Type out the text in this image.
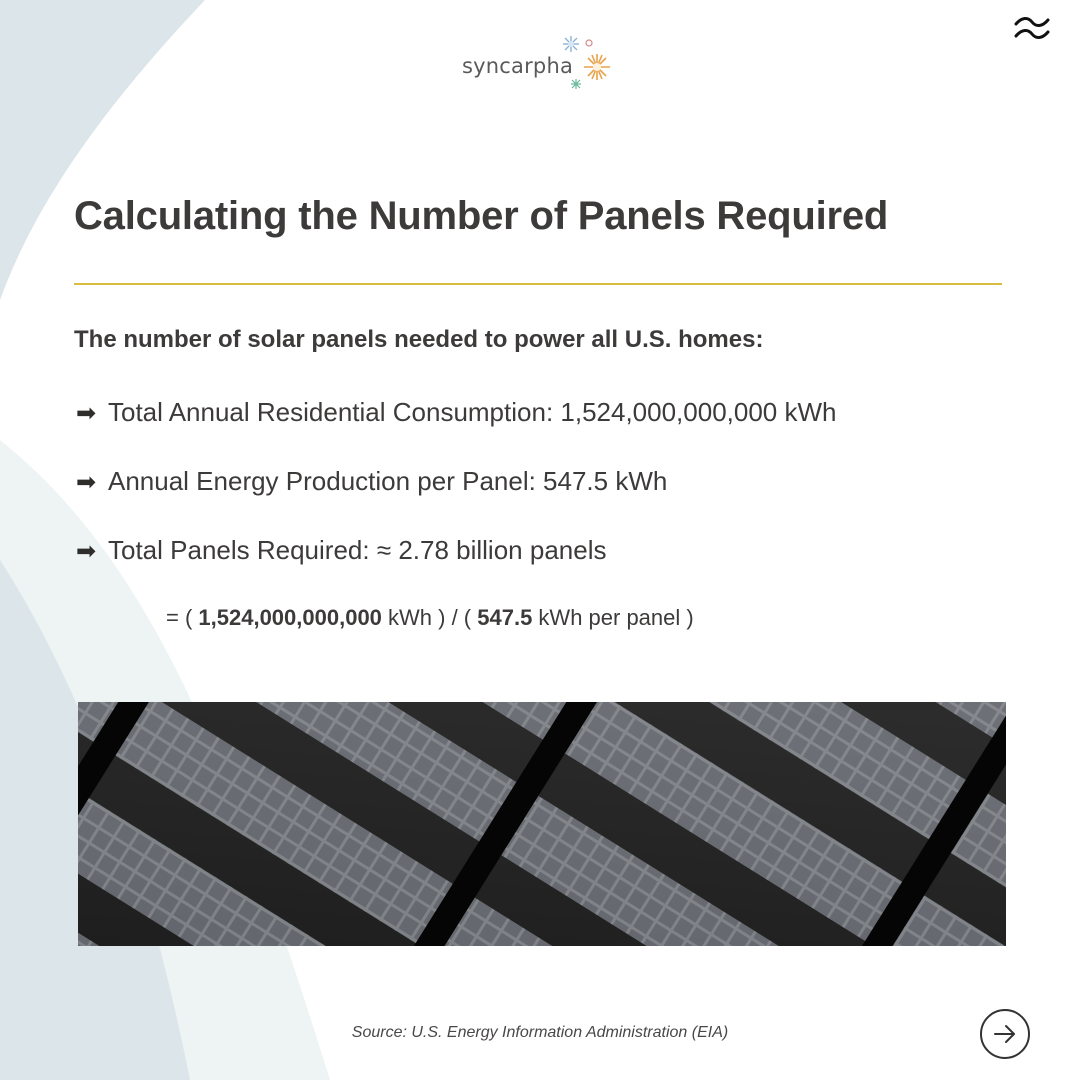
syncarpha
Calculating the Number of Panels Required
The number of solar panels needed to power all U.S. homes:
➡ Total Annual Residential Consumption: 1,524,000,000,000 kWh
➡ Annual Energy Production per Panel: 547.5 kWh
➡ Total Panels Required: ≈ 2.78 billion panels
= ( 1,524,000,000,000 kWh ) / ( 547.5 kWh per panel )
Source: U.S. Energy Information Administration (EIA)
